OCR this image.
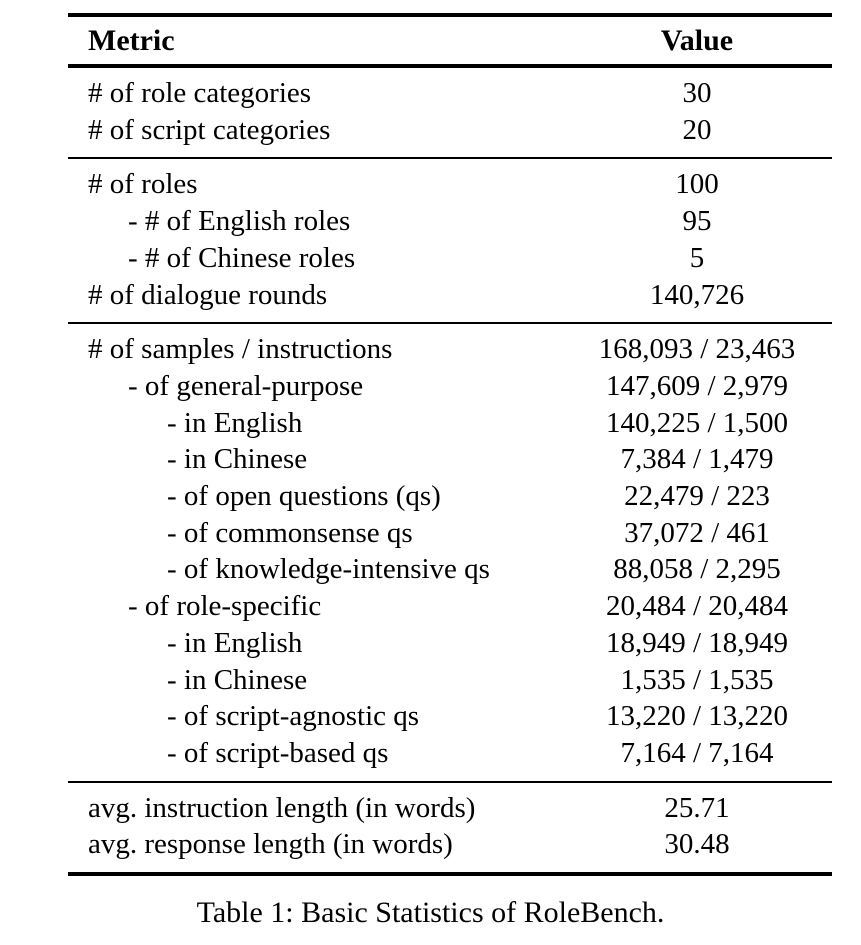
Metric	Value
# of role categories	30
# of script categories	20
# of roles	100
- # of English roles	95
- # of Chinese roles	5
# of dialogue rounds	140,726
# of samples / instructions	168,093 / 23,463
- of general-purpose	147,609 / 2,979
- in English	140,225 / 1,500
- in Chinese	7,384 / 1,479
- of open questions (qs)	22,479 / 223
- of commonsense qs	37,072 / 461
- of knowledge-intensive qs	88,058 / 2,295
- of role-specific	20,484 / 20,484
- in English	18,949 / 18,949
- in Chinese	1,535 / 1,535
- of script-agnostic qs	13,220 / 13,220
- of script-based qs	7,164 / 7,164
avg. instruction length (in words)	25.71
avg. response length (in words)	30.48
Table 1: Basic Statistics of RoleBench.
